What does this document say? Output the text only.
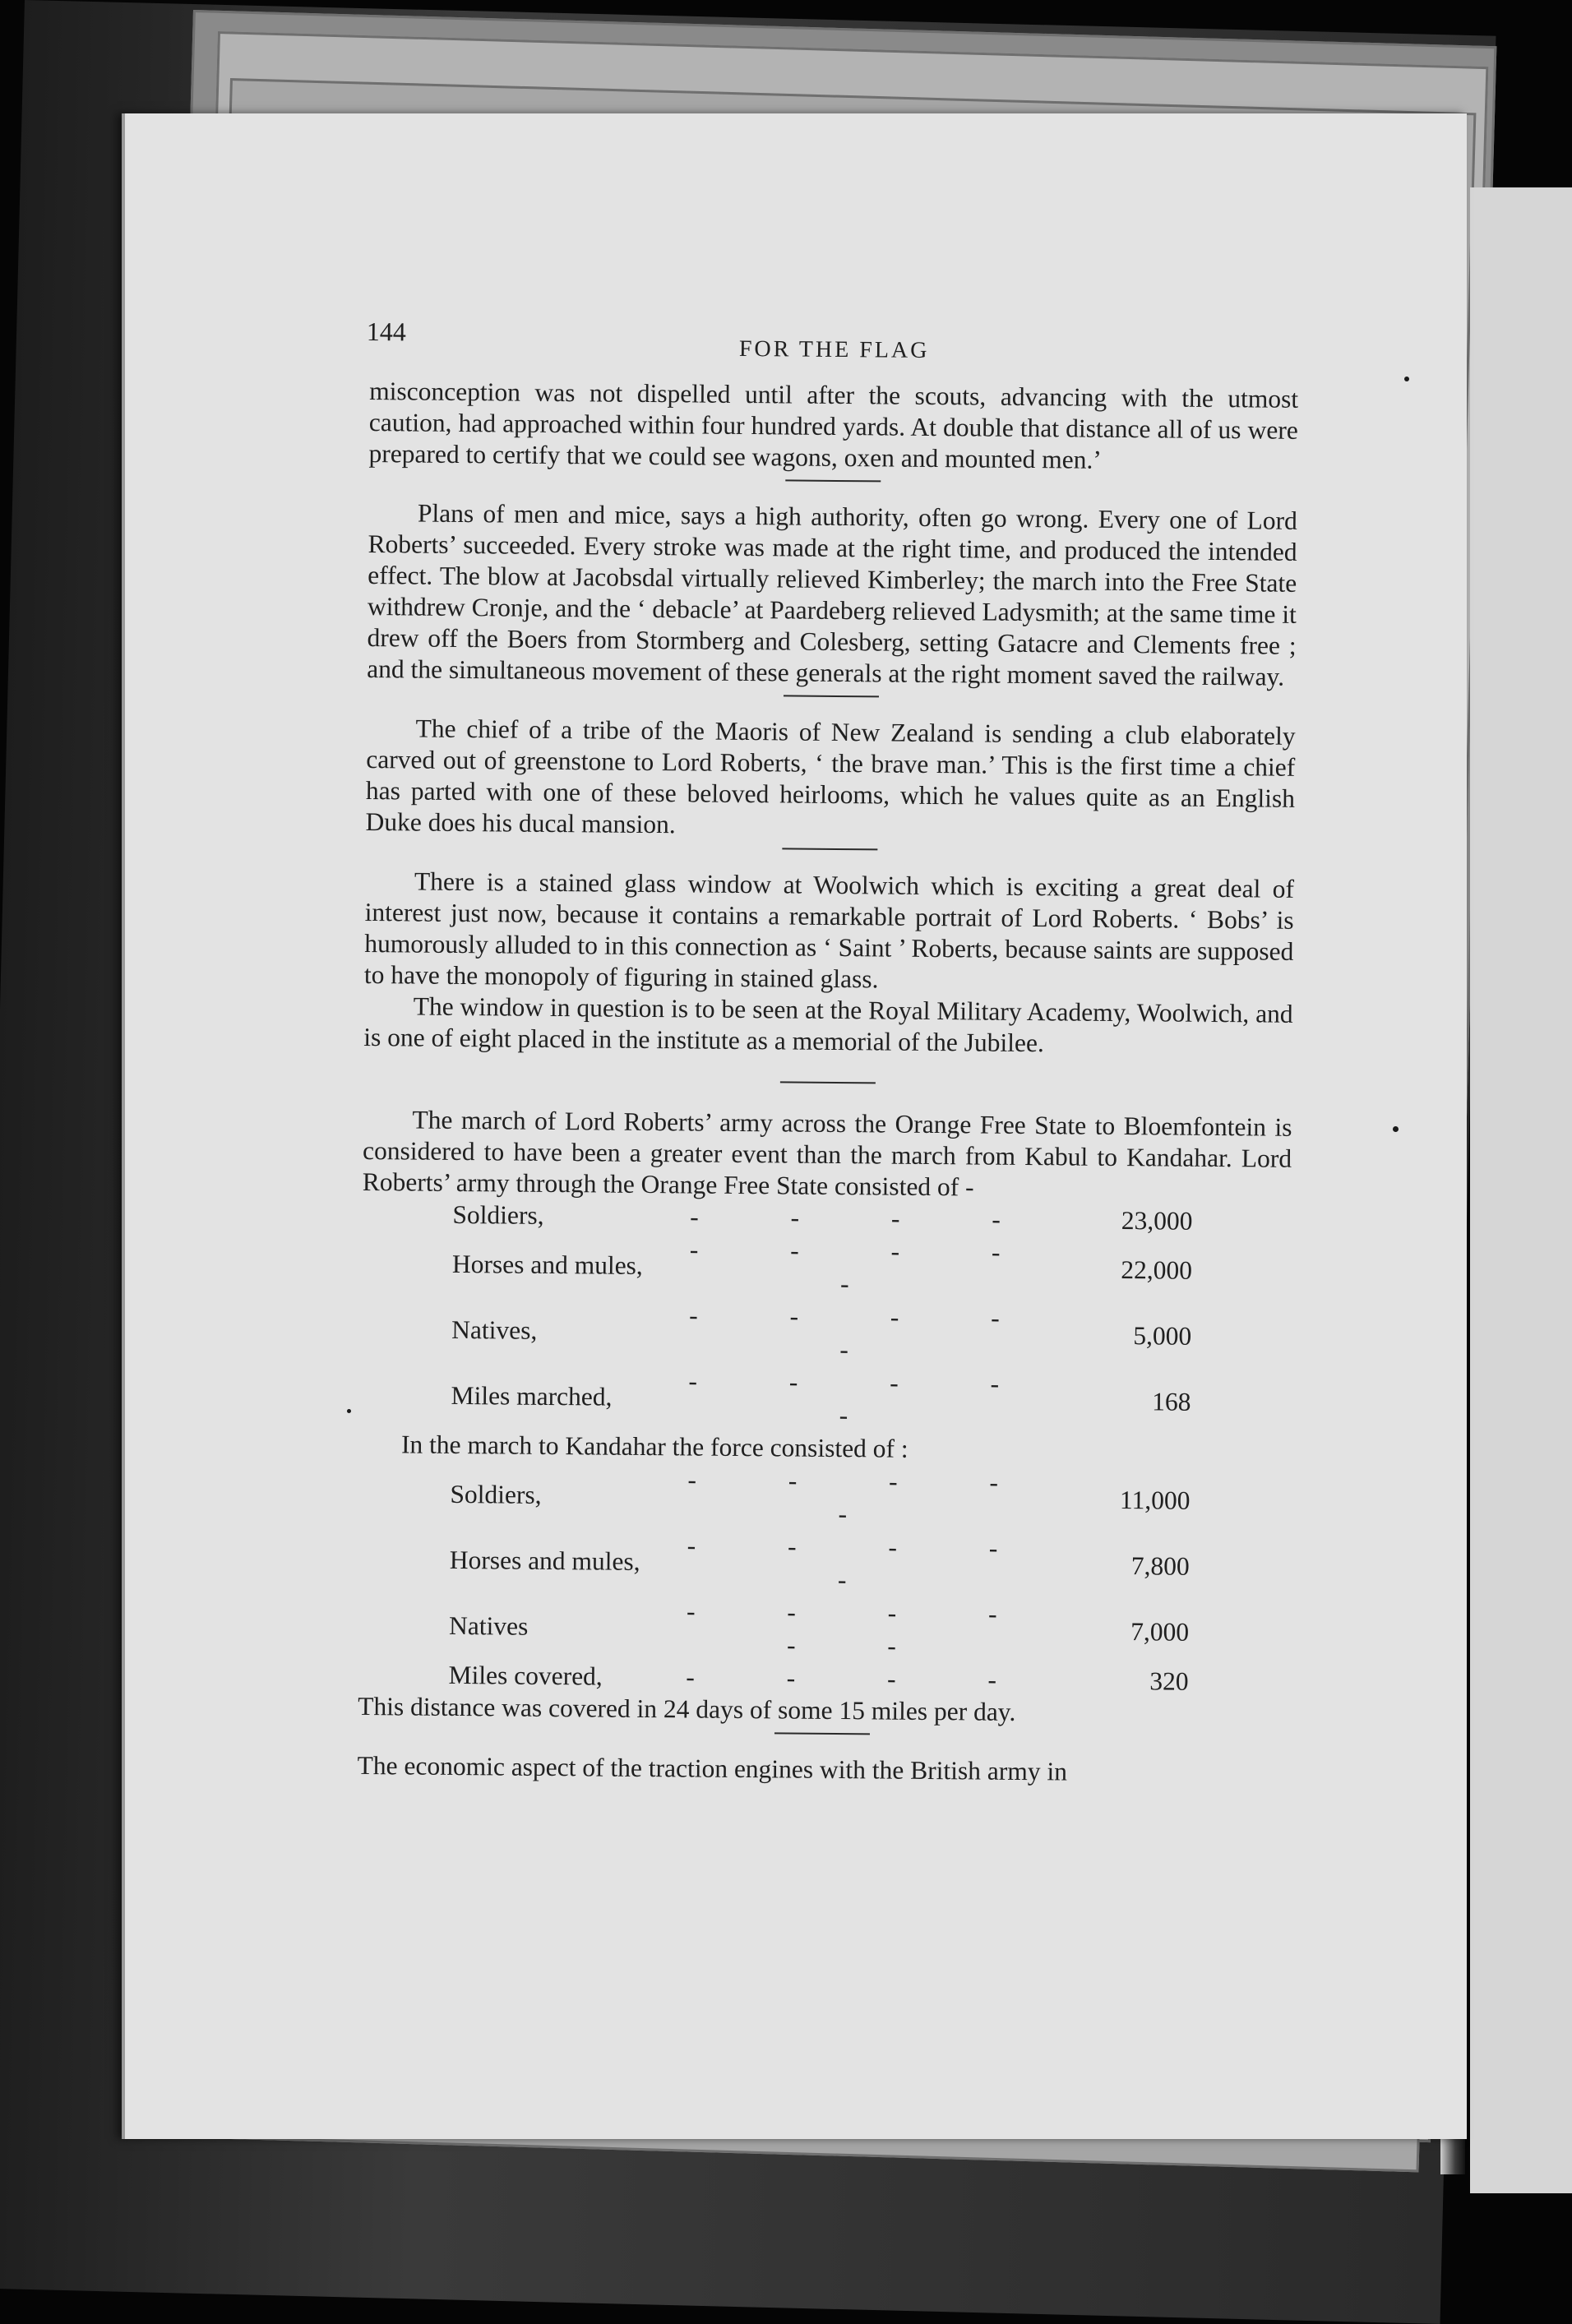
144
FOR THE FLAG

misconception was not dispelled until after the scouts, advancing with the utmost caution, had approached within four hundred yards. At double that distance all of us were prepared to certify that we could see wagons, oxen and mounted men.’

Plans of men and mice, says a high authority, often go wrong. Every one of Lord Roberts’ succeeded. Every stroke was made at the right time, and produced the intended effect. The blow at Jacobsdal virtually relieved Kimberley; the march into the Free State withdrew Cronje, and the ‘ debacle’ at Paardeberg relieved Ladysmith; at the same time it drew off the Boers from Stormberg and Colesberg, setting Gatacre and Clements free ; and the simultaneous movement of these generals at the right moment saved the railway.

The chief of a tribe of the Maoris of New Zealand is sending a club elaborately carved out of greenstone to Lord Roberts, ‘ the brave man.’ This is the first time a chief has parted with one of these beloved heirlooms, which he values quite as an English Duke does his ducal mansion.

There is a stained glass window at Woolwich which is exciting a great deal of interest just now, because it contains a remarkable portrait of Lord Roberts. ‘ Bobs’ is humorously alluded to in this connection as ‘ Saint ’ Roberts, because saints are supposed to have the monopoly of figuring in stained glass.

The window in question is to be seen at the Royal Military Academy, Woolwich, and is one of eight placed in the institute as a memorial of the Jubilee.

The march of Lord Roberts’ army across the Orange Free State to Bloemfontein is considered to have been a greater event than the march from Kabul to Kandahar. Lord Roberts’ army through the Orange Free State consisted of -

Soldiers,	- - - -	23,000
Horses and mules,	- - - - -	22,000
Natives,	- - - - -	5,000
Miles marched,	- - - - -	168
In the march to Kandahar the force consisted of :
Soldiers,	- - - - -	11,000
Horses and mules,	- - - - -	7,800
Natives	- - - - - -	7,000
Miles covered,	- - - -	320

This distance was covered in 24 days of some 15 miles per day.

The economic aspect of the traction engines with the British army in
